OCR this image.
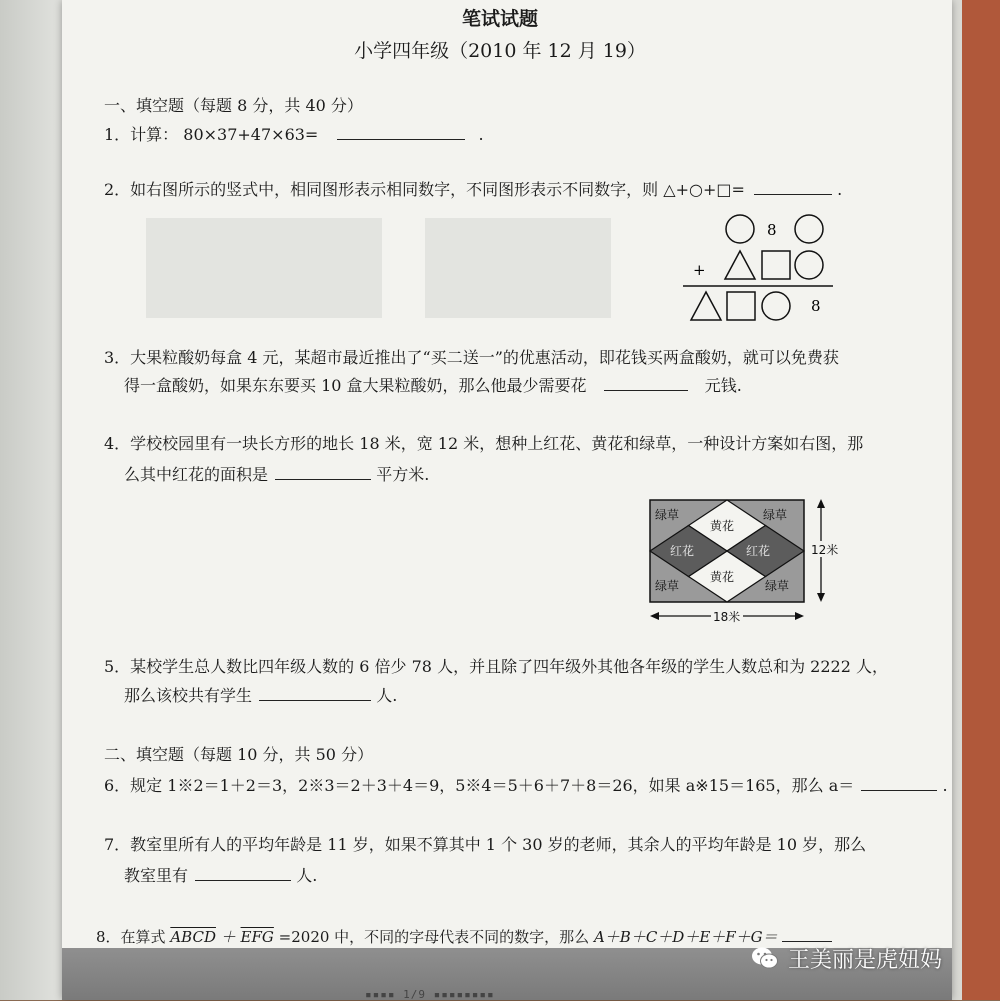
笔试试题
小学四年级（2010 年 12 月 19）
一、填空题（每题 8 分，共 40 分）
1．计算： 80×37+47×63=	.
2．如右图所示的竖式中，相同图形表示相同数字，不同图形表示不同数字，则 △+○+□=	.
8
+
8
3．大果粒酸奶每盒 4 元，某超市最近推出了“买二送一”的优惠活动，即花钱买两盒酸奶，就可以免费获
得一盒酸奶，如果东东要买 10 盒大果粒酸奶，那么他最少需要花	元钱.
4．学校校园里有一块长方形的地长 18 米，宽 12 米，想种上红花、黄花和绿草，一种设计方案如右图，那
么其中红花的面积是	平方米.
绿草	绿草
绿草	绿草
黄花
黄花
红花	红花	12米
18米
5．某校学生总人数比四年级人数的 6 倍少 78 人，并且除了四年级外其他各年级的学生人数总和为 2222 人，
那么该校共有学生	人.
二、填空题（每题 10 分，共 50 分）
6．规定 1※2＝1＋2＝3，2※3＝2＋3＋4＝9，5※4＝5＋6＋7＋8＝26，如果 a※15＝165，那么 a＝	.
7．教室里所有人的平均年龄是 11 岁，如果不算其中 1 个 30 岁的老师，其余人的平均年龄是 10 岁，那么
教室里有	人.
8．在算式 ABCD ＋ $\overline{EFG} =2020$ 中，不同的字母代表不同的数字，那么 A＋B＋C＋D＋E＋F＋G＝
▪▪▪▪ 1/9 ▪▪▪▪▪▪▪▪
王美丽是虎妞妈
